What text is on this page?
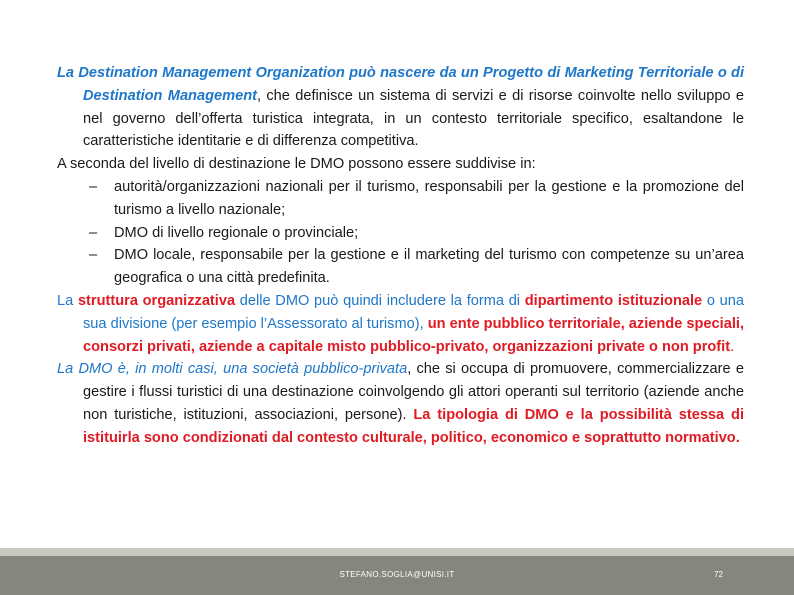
La Destination Management Organization può nascere da un Progetto di Marketing Territoriale o di Destination Management, che definisce un sistema di servizi e di risorse coinvolte nello sviluppo e nel governo dell’offerta turistica integrata, in un contesto territoriale specifico, esaltandone le caratteristiche identitarie e di differenza competitiva.

A seconda del livello di destinazione le DMO possono essere suddivise in:

– autorità/organizzazioni nazionali per il turismo, responsabili per la gestione e la promozione del turismo a livello nazionale;
– DMO di livello regionale o provinciale;
– DMO locale, responsabile per la gestione e il marketing del turismo con competenze su un’area geografica o una città predefinita.

La struttura organizzativa delle DMO può quindi includere la forma di dipartimento istituzionale o una sua divisione (per esempio l’Assessorato al turismo), un ente pubblico territoriale, aziende speciali, consorzi privati, aziende a capitale misto pubblico-privato, organizzazioni private o non profit.

La DMO è, in molti casi, una società pubblico-privata, che si occupa di promuovere, commercializzare e gestire i flussi turistici di una destinazione coinvolgendo gli attori operanti sul territorio (aziende anche non turistiche, istituzioni, associazioni, persone). La tipologia di DMO e la possibilità stessa di istituirla sono condizionati dal contesto culturale, politico, economico e soprattutto normativo.

STEFANO.SOGLIA@UNISI.IT	72
